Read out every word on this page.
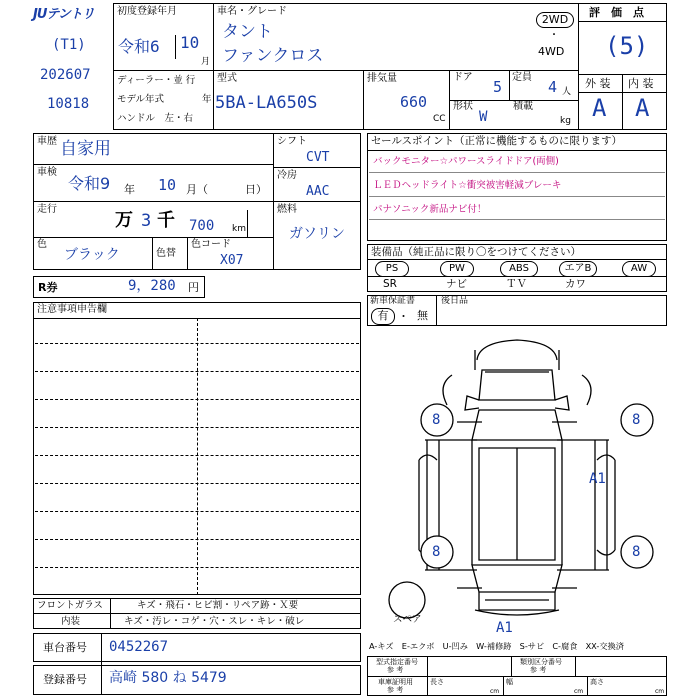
JUテントリ
(T1)
202607
10818
初度登録年月
令和6 10
月
ディーラー・並 行
モデル年式	年
ハンドル　左・右
車名・グレード
タント
ファンクロス
2WD
・
4WD
型式
5BA-LA650S
排気量
660
CC
ドア
5
定員
4 人
形状
W
積載
kg
評　価　点
(5)
外 装 内 装
A A
車歴 自家用
車検
令和9 年 10 月（	日）
走行
万 3 千 700 km
色
ブラック	色替
色コード
X07
シフト
CVT
冷房
AAC
燃料
ガソリン
R券	9，280 円
セールスポイント（正常に機能するものに限ります）
バックモニター☆パワースライドドア(両側)
ＬＥＤヘッドライト☆衝突被害軽減ブレーキ
パナソニック新品ナビ付！
装備品（純正品に限り〇をつけてください）
PS	PW	ABS	エアB	AW
SR	ナビ	ＴＶ	カワ
新車保証書
有 ・ 無
後日品
注意事項申告欄
8	8
8	8
A1
A1
スペア
A-キズ　E-エクボ　U-凹み　W-補修跡　S-サビ　C-腐食　XX-交換済
フロントガラス	キズ・飛石・ヒビ割・リペア跡・Ｘ要
内装	キズ・汚レ・コゲ・穴・スレ・キレ・破レ
車台番号 0452267
登録番号 高崎 580 ね 5479
型式指定番号
参 考
類別区分番号
参 考
車庫証明用
参 考
長さ
cm
幅
cm
高さ
cm
